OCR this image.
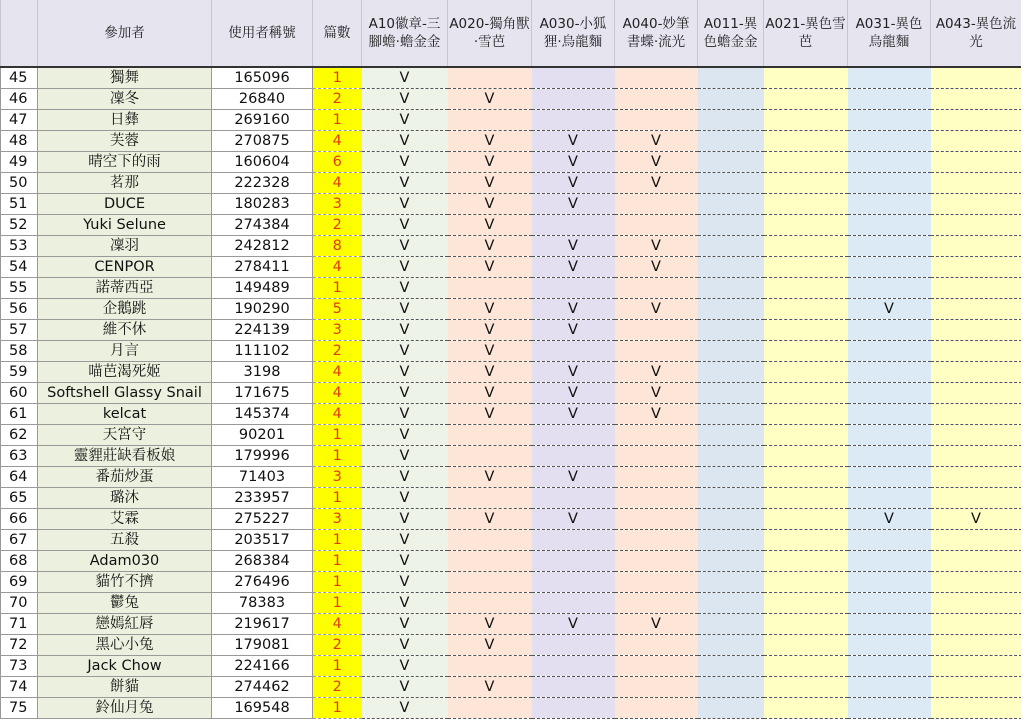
	參加者	使用者稱號	篇數	A10徽章-三腳蟾·蟾金金	A020-獨角獸·雪芭	A030-小狐狸·烏龍麵	A040-妙筆書蝶·流光	A011-異色蟾金金	A021-異色雪芭	A031-異色烏龍麵	A043-異色流光
45	獨舞	165096	1	V							
46	凜冬	26840	2	V	V						
47	日彝	269160	1	V							
48	芙蓉	270875	4	V	V	V	V				
49	晴空下的雨	160604	6	V	V	V	V				
50	茗那	222328	4	V	V	V	V				
51	DUCE	180283	3	V	V	V					
52	Yuki Selune	274384	2	V	V						
53	凜羽	242812	8	V	V	V	V				
54	CENPOR	278411	4	V	V	V	V				
55	諾蒂西亞	149489	1	V							
56	企鵝跳	190290	5	V	V	V	V			V	
57	維不休	224139	3	V	V	V					
58	月言	111102	2	V	V						
59	喵芭渴死姬	3198	4	V	V	V	V				
60	Softshell Glassy Snail	171675	4	V	V	V	V				
61	kelcat	145374	4	V	V	V	V				
62	天宮守	90201	1	V							
63	靈貍莊缺看板娘	179996	1	V							
64	番茄炒蛋	71403	3	V	V	V					
65	璐沐	233957	1	V							
66	艾霖	275227	3	V	V	V				V	V
67	五殺	203517	1	V							
68	Adam030	268384	1	V							
69	貓竹不擠	276496	1	V							
70	鬱兔	78383	1	V							
71	戀嫣紅唇	219617	4	V	V	V	V				
72	黑心小兔	179081	2	V	V						
73	Jack Chow	224166	1	V							
74	餅貓	274462	2	V	V						
75	鈴仙月兔	169548	1	V							
